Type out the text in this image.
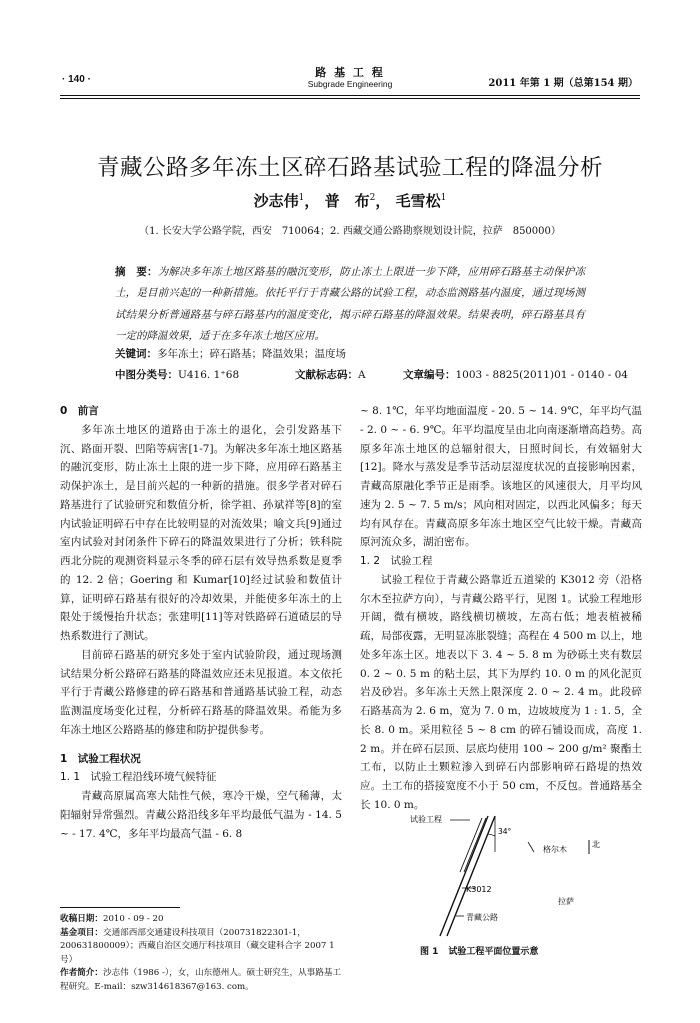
· 140 ·
路 基 工 程
Subgrade Engineering	2011 年第 1 期（总第154 期）
青藏公路多年冻土区碎石路基试验工程的降温分析
沙志伟$^1$， 普　布$^2$， 毛雪松$^1$
（1. 长安大学公路学院，西安　710064；2. 西藏交通公路勘察规划设计院，拉萨　850000）
摘　要：为解决多年冻土地区路基的融沉变形，防止冻土上限进一步下降，应用碎石路基主动保护冻土，是目前兴起的一种新措施。依托平行于青藏公路的试验工程，动态监测路基内温度，通过现场测试结果分析普通路基与碎石路基内的温度变化，揭示碎石路基的降温效果。结果表明，碎石路基具有一定的降温效果，适于在多年冻土地区应用。
关键词：多年冻土；碎石路基；降温效果；温度场
中图分类号：U416. 1⁺68	文献标志码：A	文章编号：1003 - 8825(2011)01 - 0140 - 04

0　前言

多年冻土地区的道路由于冻土的退化，会引发路基下沉、路面开裂、凹陷等病害[1-7]。为解决多年冻土地区路基的融沉变形，防止冻土上限的进一步下降，应用碎石路基主动保护冻土，是目前兴起的一种新的措施。很多学者对碎石路基进行了试验研究和数值分析，徐学祖、孙斌祥等[8]的室内试验证明碎石中存在比较明显的对流效果；喻文兵[9]通过室内试验对封闭条件下碎石的降温效果进行了分析；铁科院西北分院的观测资料显示冬季的碎石层有效导热系数是夏季的 12. 2 倍；Goering 和 Kumar[10]经过试验和数值计算，证明碎石路基有很好的冷却效果，并能使多年冻土的上限处于缓慢抬升状态；张建明[11]等对铁路碎石道碴层的导热系数进行了测试。

目前碎石路基的研究多处于室内试验阶段，通过现场测试结果分析公路碎石路基的降温效应还未见报道。本文依托平行于青藏公路修建的碎石路基和普通路基试验工程，动态监测温度场变化过程，分析碎石路基的降温效果。希能为多年冻土地区公路路基的修建和防护提供参考。

1　试验工程状况

1. 1　试验工程沿线环境气候特征

青藏高原属高寒大陆性气候，寒冷干燥，空气稀薄，太阳辐射异常强烈。青藏公路沿线多年平均最低气温为 - 14. 5 ~ - 17. 4℃，多年平均最高气温 - 6. 8

~ 8. 1℃，年平均地面温度 - 20. 5 ~ 14. 9℃，年平均气温 - 2. 0 ~ - 6. 9℃。年平均温度呈由北向南逐渐增高趋势。高原多年冻土地区的总辐射很大，日照时间长，有效辐射大[12]。降水与蒸发是季节活动层湿度状况的直接影响因素，青藏高原融化季节正是雨季。该地区的风速很大，月平均风速为 2. 5 ~ 7. 5 m/s；风向相对固定，以西北风偏多；每天均有风存在。青藏高原多年冻土地区空气比较干燥。青藏高原河流众多，湖泊密布。

1. 2　试验工程

试验工程位于青藏公路靠近五道梁的 K3012 旁（沿格尔木至拉萨方向），与青藏公路平行，见图 1。试验工程地形开阔，微有横坡，路线横切横坡，左高右低；地表植被稀疏，局部夜露，无明显冻胀裂缝；高程在 4 500 m 以上，地处多年冻土区。地表以下 3. 4 ~ 5. 8 m 为砂砾土夹有数层 0. 2 ~ 0. 5 m 的粘土层，其下为厚约 10. 0 m 的风化泥页岩及砂岩。多年冻土天然上限深度 2. 0 ~ 2. 4 m。此段碎石路基高为 2. 6 m，宽为 7. 0 m，边坡坡度为 1 : 1. 5，全长 8. 0 m。采用粒径 5 ~ 8 cm 的碎石铺设而成，高度 1. 2 m。并在碎石层顶、层底均使用 100 ~ 200 g/m² 聚酯土工布，以防止土颗粒渗入到碎石内部影响碎石路堤的热效应。土工布的搭接宽度不小于 50 cm，不反包。普通路基全长 10. 0 m。

试验工程
34°
北
格尔木
K3012
拉萨
青藏公路
图 1 试验工程平面位置示意
收稿日期：2010 - 09 - 20
基金项目：交通部西部交通建设科技项目（200731822301-1，200631800009）；西藏自治区交通厅科技项目（藏交建科合字 2007 1 号）
作者简介：沙志伟（1986 -），女，山东德州人。硕士研究生，从事路基工程研究。E-mail：szw314618367@163. com。
